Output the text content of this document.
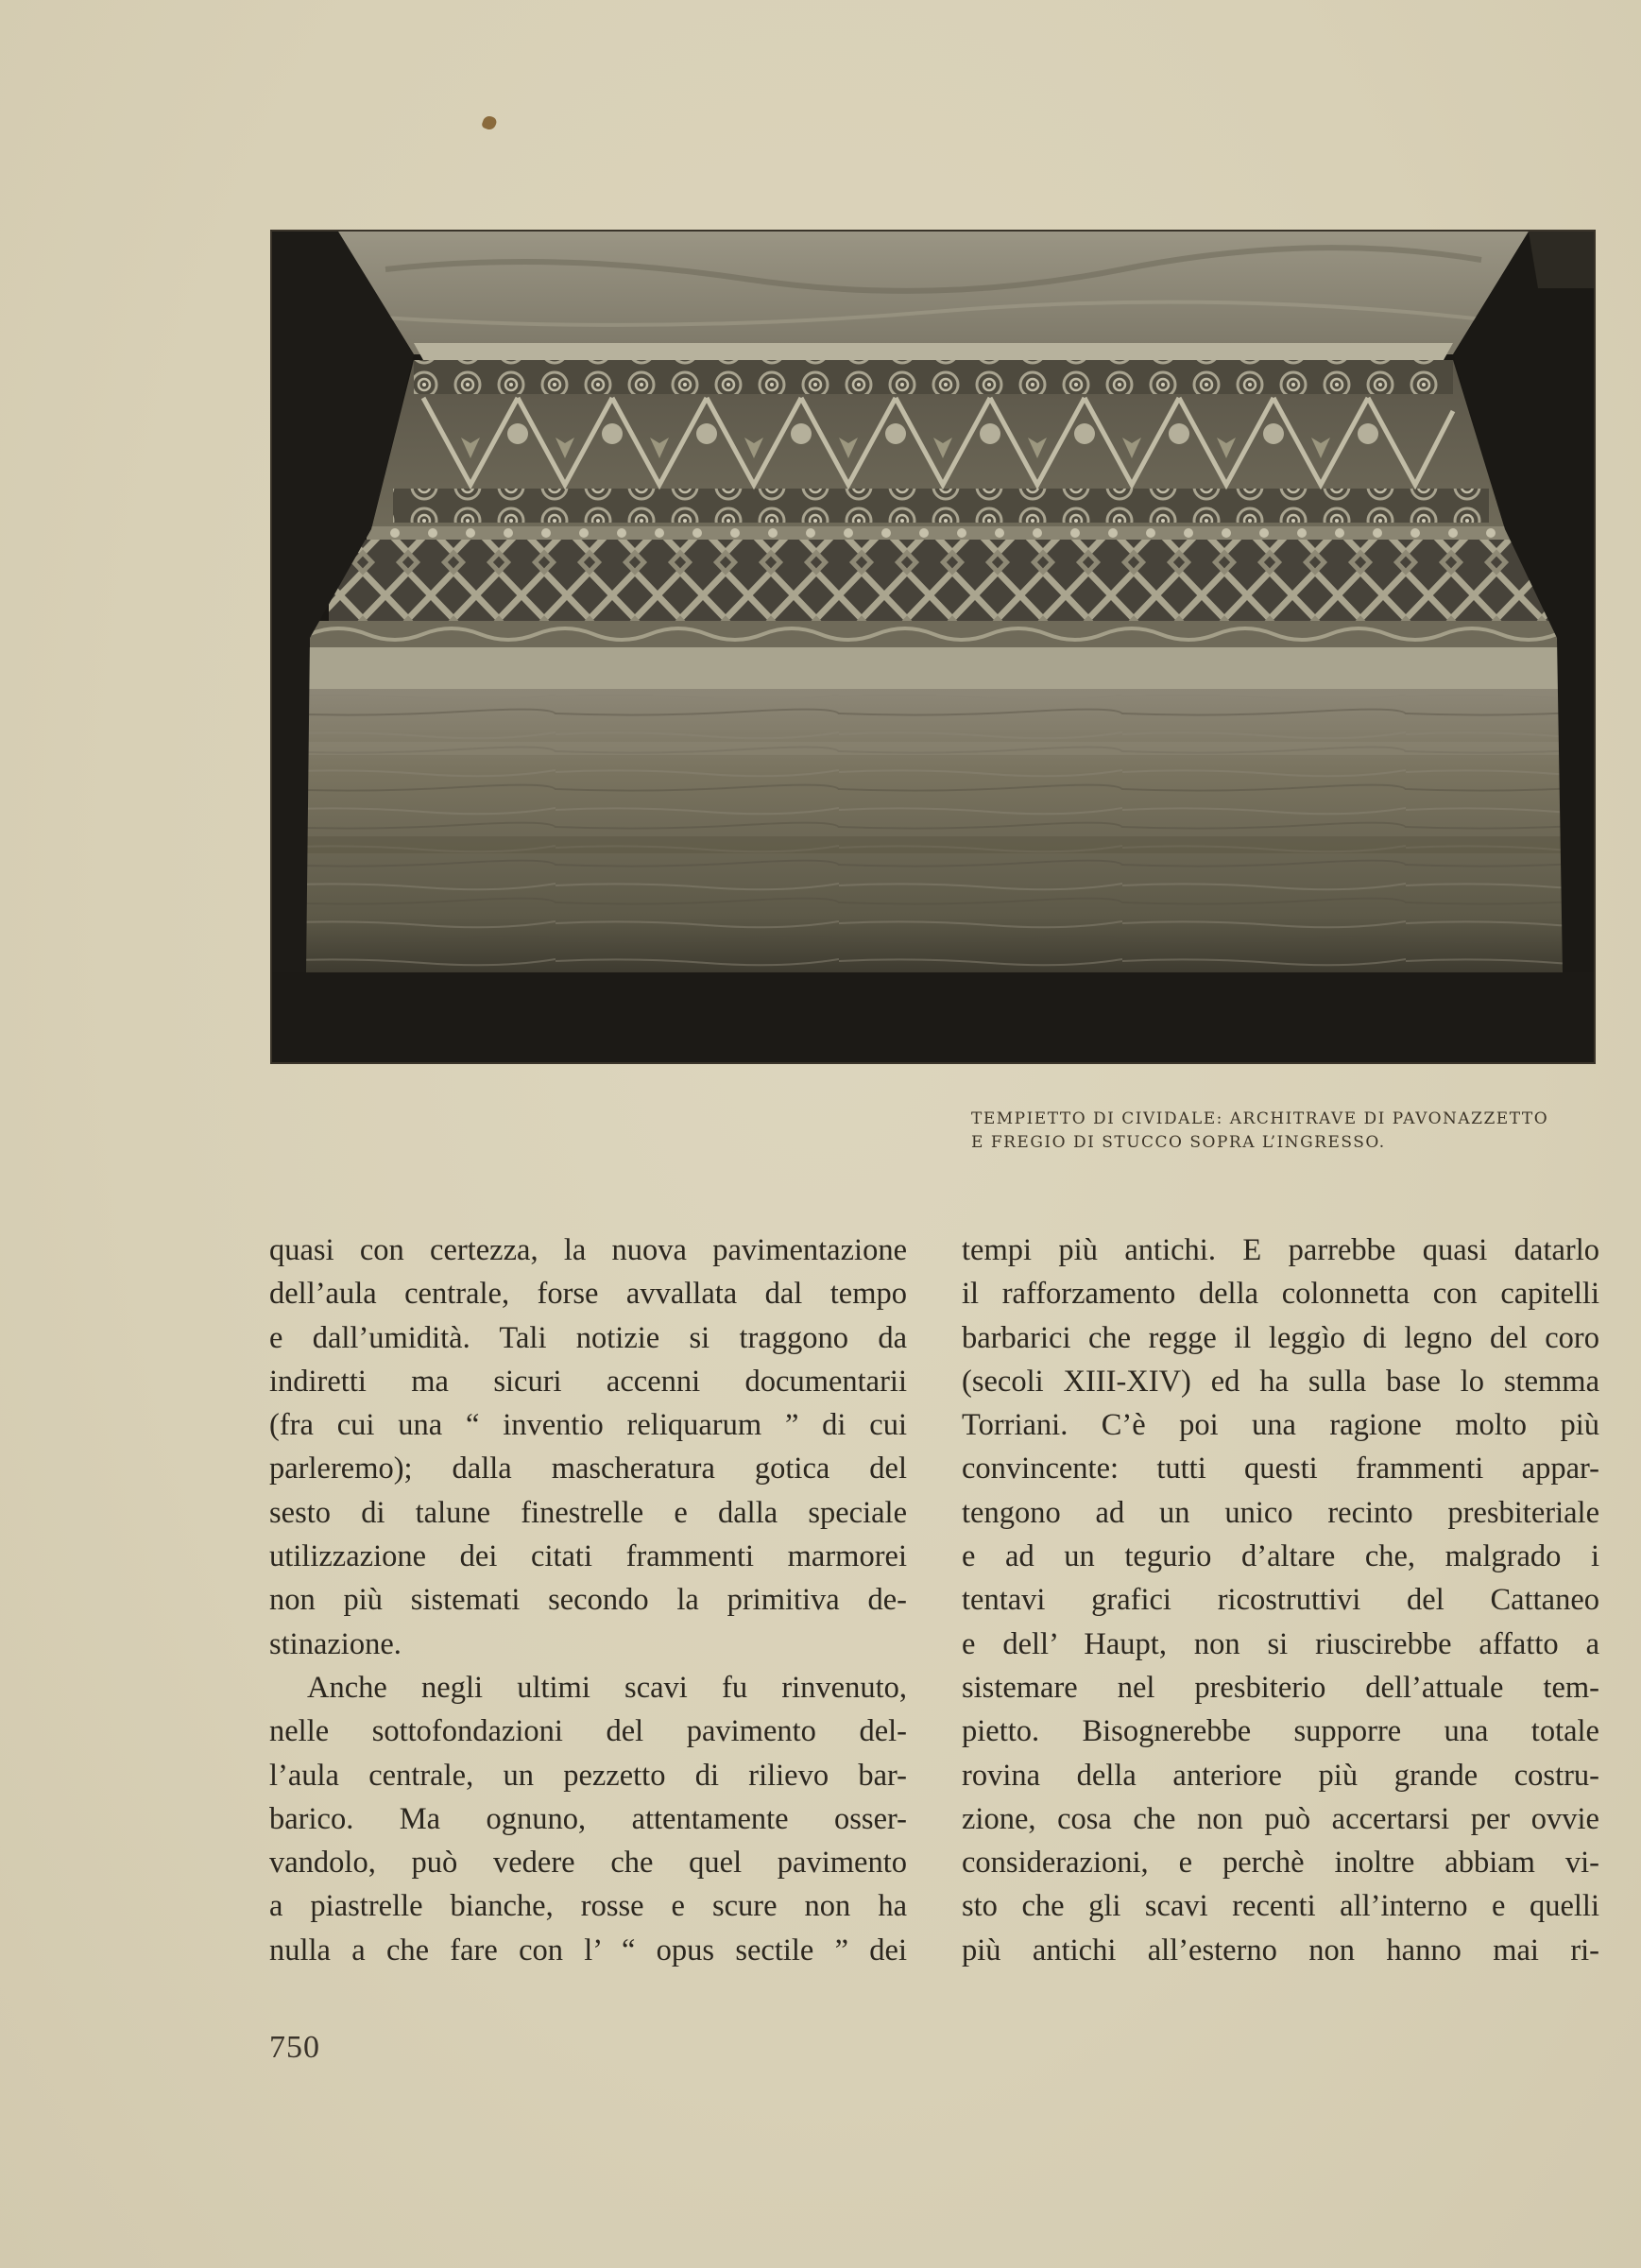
TEMPIETTO DI CIVIDALE: ARCHITRAVE DI PAVONAZZETTO
E FREGIO DI STUCCO SOPRA L’INGRESSO.
quasi con certezza, la nuova pavimentazione
dell’aula centrale, forse avvallata dal tempo
e dall’umidità. Tali notizie si traggono da
indiretti ma sicuri accenni documentarii
(fra cui una “ inventio reliquarum ” di cui
parleremo); dalla mascheratura gotica del
sesto di talune finestrelle e dalla speciale
utilizzazione dei citati frammenti marmorei
non più sistemati secondo la primitiva de-
stinazione.
Anche negli ultimi scavi fu rinvenuto,
nelle sottofondazioni del pavimento del-
l’aula centrale, un pezzetto di rilievo bar-
barico. Ma ognuno, attentamente osser-
vandolo, può vedere che quel pavimento
a piastrelle bianche, rosse e scure non ha
nulla a che fare con l’ “ opus sectile ” dei
tempi più antichi. E parrebbe quasi datarlo
il rafforzamento della colonnetta con capitelli
barbarici che regge il leggìo di legno del coro
(secoli XIII-XIV) ed ha sulla base lo stemma
Torriani. C’è poi una ragione molto più
convincente: tutti questi frammenti appar-
tengono ad un unico recinto presbiteriale
e ad un tegurio d’altare che, malgrado i
tentavi grafici ricostruttivi del Cattaneo
e dell’ Haupt, non si riuscirebbe affatto a
sistemare nel presbiterio dell’attuale tem-
pietto. Bisognerebbe supporre una totale
rovina della anteriore più grande costru-
zione, cosa che non può accertarsi per ovvie
considerazioni, e perchè inoltre abbiam vi-
sto che gli scavi recenti all’interno e quelli
più antichi all’esterno non hanno mai ri-
750
